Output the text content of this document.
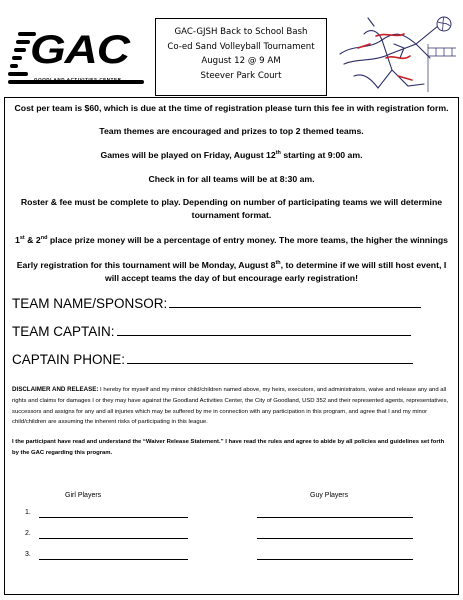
GAC
GOODLAND ACTIVITIES CENTER
GAC-GJSH Back to School Bash
Co-ed Sand Volleyball Tournament
August 12 @ 9 AM
Steever Park Court
Cost per team is $60, which is due at the time of registration please turn this fee in with registration form.
Team themes are encouraged and prizes to top 2 themed teams.
Games will be played on Friday, August 12th starting at 9:00 am.
Check in for all teams will be at 8:30 am.
Roster & fee must be complete to play. Depending on number of participating teams we will determine
tournament format.
1st & 2nd place prize money will be a percentage of entry money. The more teams, the higher the winnings
Early registration for this tournament will be Monday, August 8th, to determine if we will still host event, I
will accept teams the day of but encourage early registration!
TEAM NAME/SPONSOR:
TEAM CAPTAIN:
CAPTAIN PHONE:
DISCLAIMER AND RELEASE: I hereby for myself and my minor child/children named above, my heirs, executors, and administrators, waive and release any and all rights and claims for damages I or they may have against the Goodland Activities Center, the City of Goodland, USD 352 and their represented agents, representatives, successors and assigns for any and all injuries which may be suffered by me in connection with any participation in this program, and agree that I and my minor child/children are assuming the inherent risks of participating in this league.
I the participant have read and understand the “Waiver Release Statement.” I have read the rules and agree to abide by all policies and guidelines set forth by the GAC regarding this program.
Girl Players	Guy Players
1.
2.
3.
